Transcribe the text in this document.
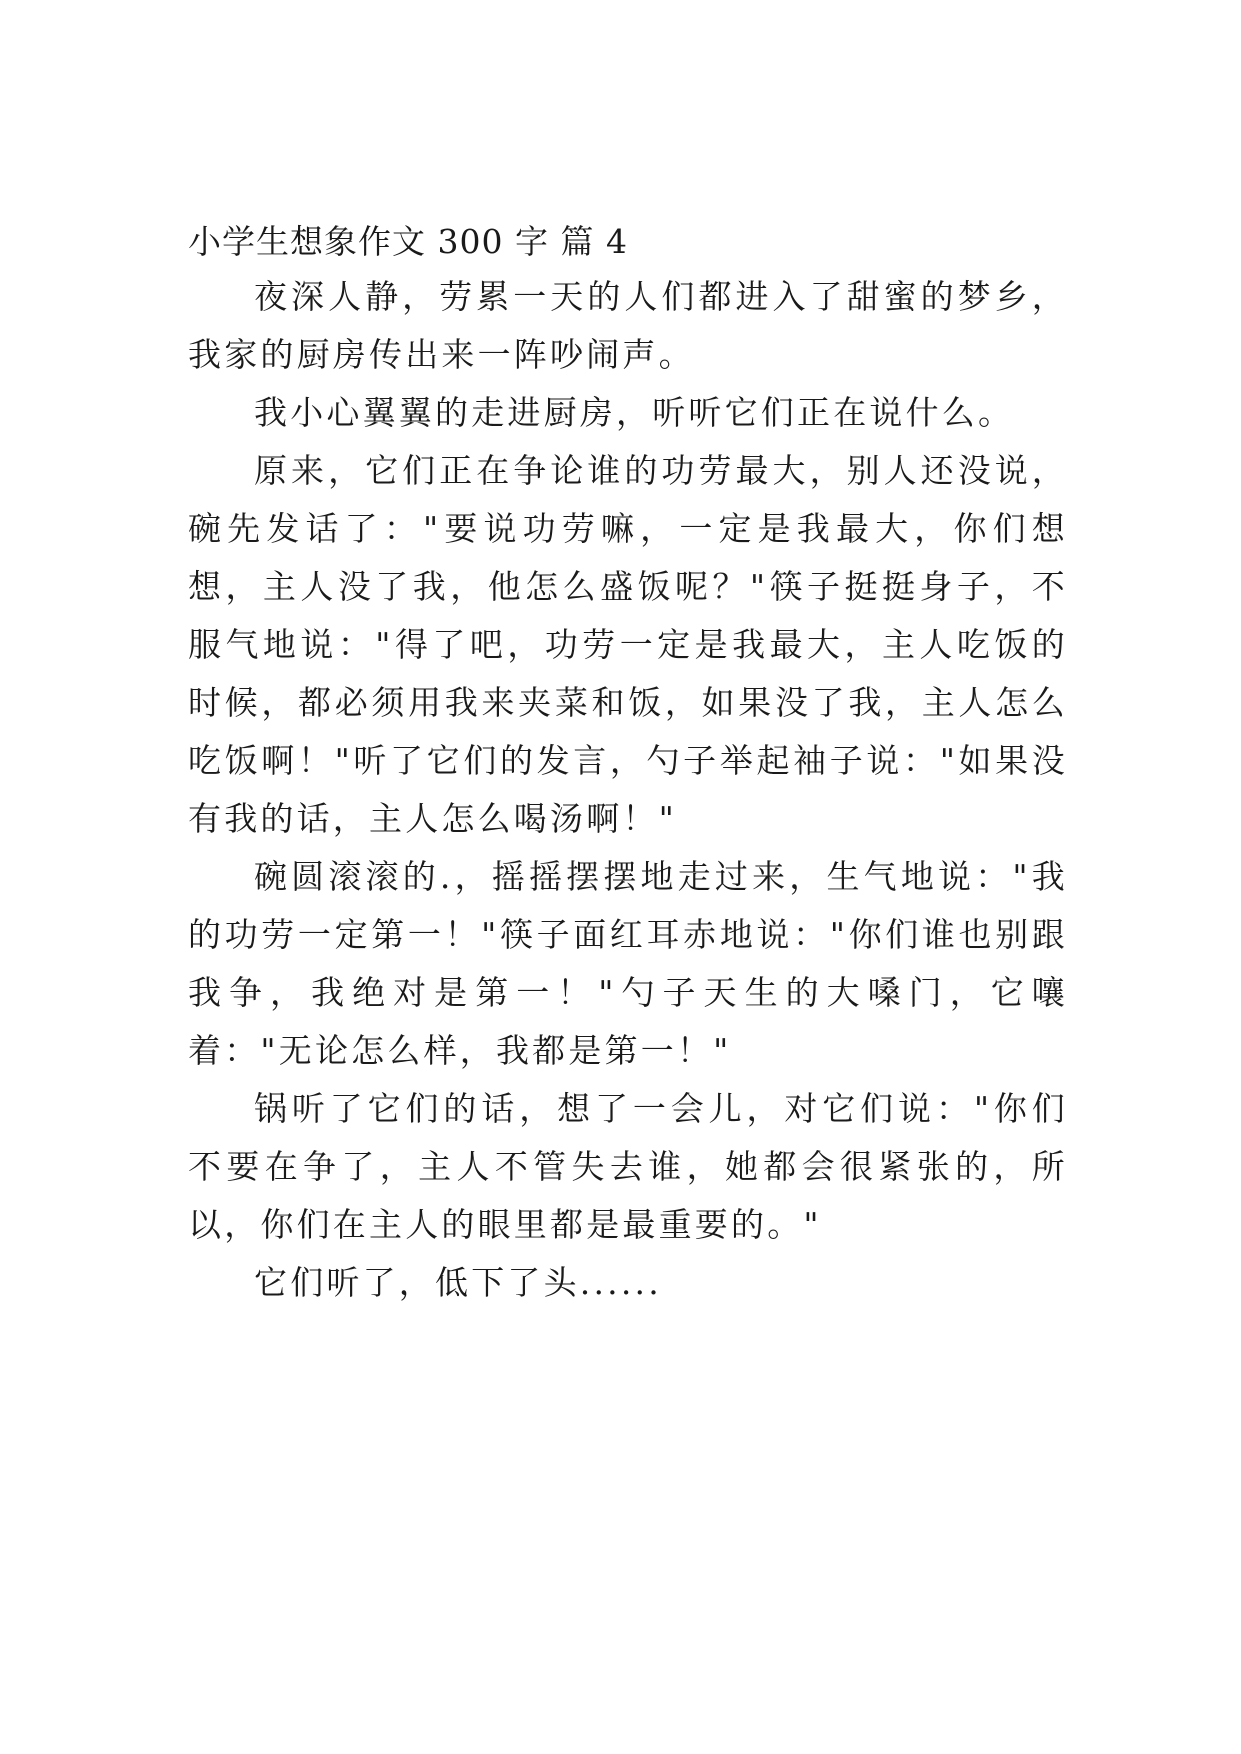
小学生想象作文 300 字 篇 4

夜深人静，劳累一天的人们都进入了甜蜜的梦乡，我家的厨房传出来一阵吵闹声。

我小心翼翼的走进厨房，听听它们正在说什么。

原来，它们正在争论谁的功劳最大，别人还没说，碗先发话了："要说功劳嘛，一定是我最大，你们想想，主人没了我，他怎么盛饭呢？"筷子挺挺身子，不服气地说："得了吧，功劳一定是我最大，主人吃饭的时候，都必须用我来夹菜和饭，如果没了我，主人怎么吃饭啊！"听了它们的发言，勺子举起袖子说："如果没有我的话，主人怎么喝汤啊！"

碗圆滚滚的.，摇摇摆摆地走过来，生气地说："我的功劳一定第一！"筷子面红耳赤地说："你们谁也别跟我争，我绝对是第一！"勺子天生的大嗓门，它嚷着："无论怎么样，我都是第一！"

锅听了它们的话，想了一会儿，对它们说："你们不要在争了，主人不管失去谁，她都会很紧张的，所以，你们在主人的眼里都是最重要的。"

它们听了，低下了头......
